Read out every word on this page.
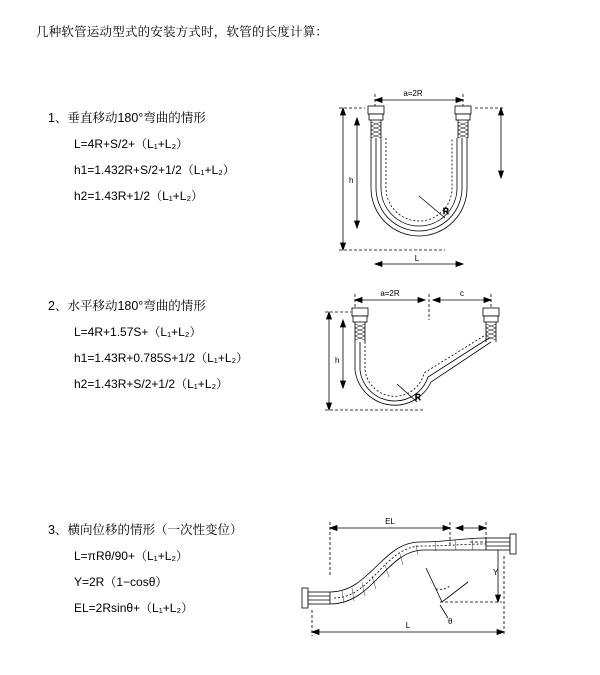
几种软管运动型式的安装方式时，软管的长度计算：

1、垂直移动180°弯曲的情形

L=4R+S/2+（L₁+L₂）

h1=1.432R+S/2+1/2（L₁+L₂）

h2=1.43R+1/2（L₁+L₂）

R
a=2R
h
L

2、水平移动180°弯曲的情形

L=4R+1.57S+（L₁+L₂）

h1=1.43R+0.785S+1/2（L₁+L₂）

h2=1.43R+S/2+1/2（L₁+L₂）

R
a=2R	c
h

3、横向位移的情形（一次性变位）

L=πRθ/90+（L₁+L₂）

Y=2R（1−cosθ）

EL=2Rsinθ+（L₁+L₂）

EL
Y
θ
L
